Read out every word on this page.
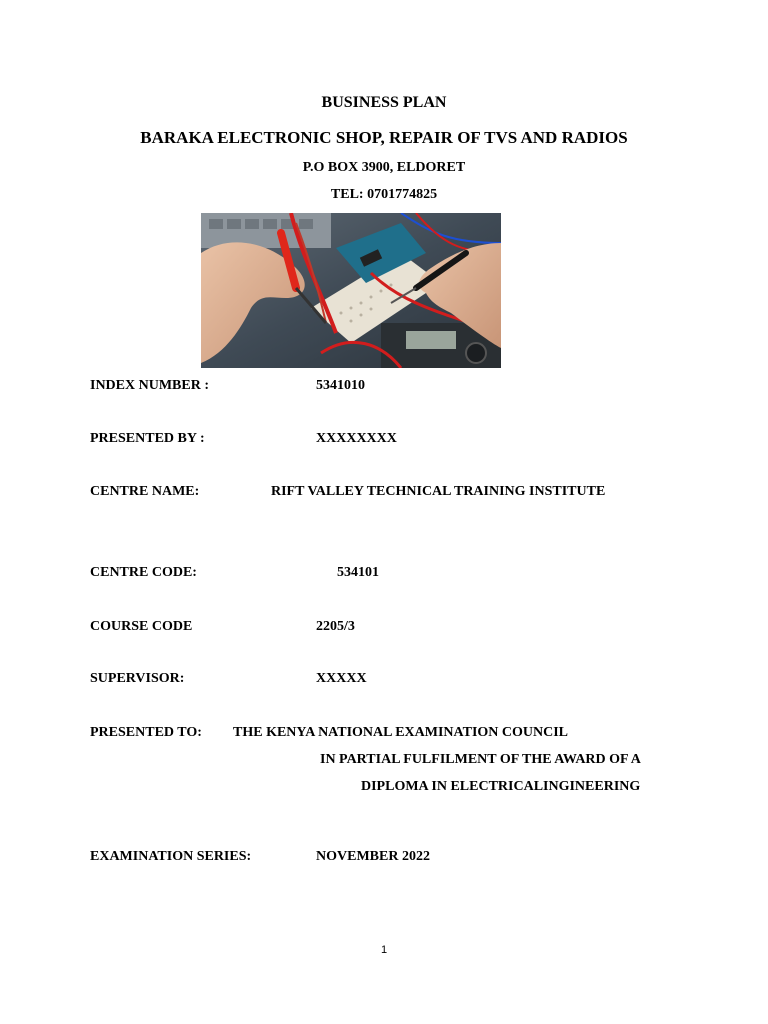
BUSINESS PLAN
BARAKA ELECTRONIC SHOP, REPAIR OF TVS AND RADIOS
P.O BOX 3900, ELDORET
TEL: 0701774825
INDEX NUMBER :	5341010
PRESENTED BY :	XXXXXXXX
CENTRE NAME:	RIFT VALLEY TECHNICAL TRAINING INSTITUTE
CENTRE CODE:	534101
COURSE CODE	2205/3
SUPERVISOR:	XXXXX
PRESENTED TO: THE KENYA NATIONAL EXAMINATION COUNCIL
IN PARTIAL FULFILMENT OF THE AWARD OF A
DIPLOMA IN ELECTRICALINGINEERING
EXAMINATION SERIES:	NOVEMBER 2022
1
